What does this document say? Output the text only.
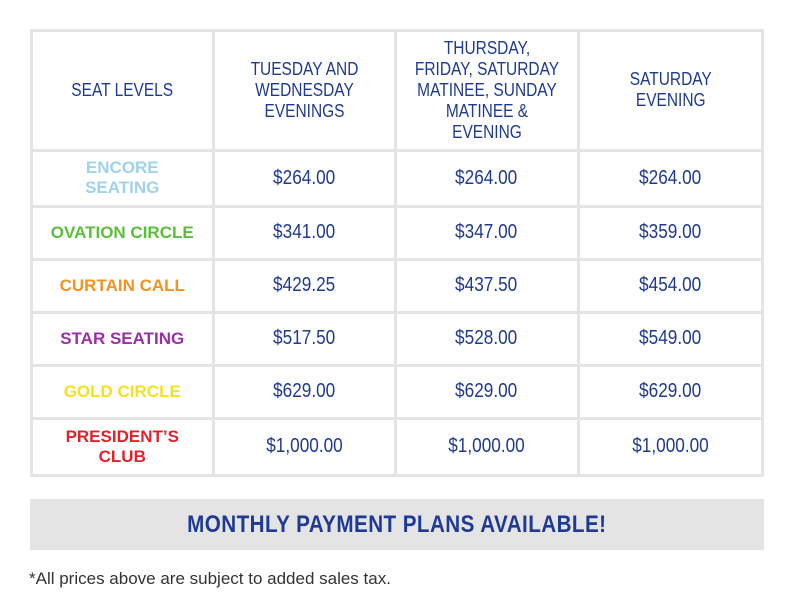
SEAT LEVELS	TUESDAY AND WEDNESDAY EVENINGS	THURSDAY, FRIDAY, SATURDAY MATINEE, SUNDAY MATINEE & EVENING	SATURDAY EVENING
ENCORE SEATING	$264.00	$264.00	$264.00
OVATION CIRCLE	$341.00	$347.00	$359.00
CURTAIN CALL	$429.25	$437.50	$454.00
STAR SEATING	$517.50	$528.00	$549.00
GOLD CIRCLE	$629.00	$629.00	$629.00
PRESIDENT’S CLUB	$1,000.00	$1,000.00	$1,000.00
MONTHLY PAYMENT PLANS AVAILABLE!
*All prices above are subject to added sales tax.
